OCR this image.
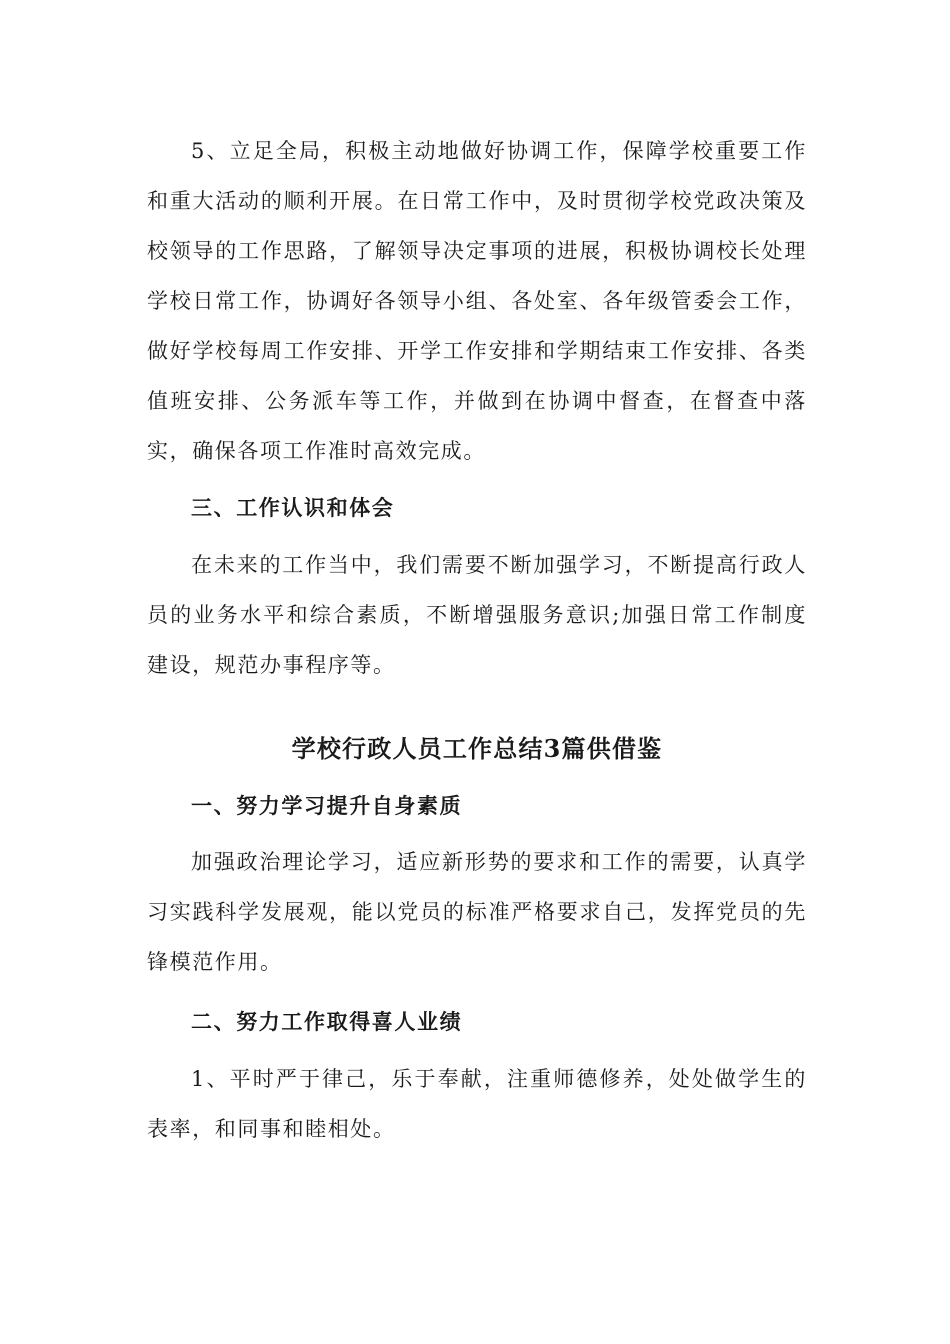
5、立足全局，积极主动地做好协调工作，保障学校重要工作和重大活动的顺利开展。在日常工作中，及时贯彻学校党政决策及校领导的工作思路，了解领导决定事项的进展，积极协调校长处理学校日常工作，协调好各领导小组、各处室、各年级管委会工作，做好学校每周工作安排、开学工作安排和学期结束工作安排、各类值班安排、公务派车等工作，并做到在协调中督查，在督查中落实，确保各项工作准时高效完成。

三、工作认识和体会

在未来的工作当中，我们需要不断加强学习，不断提高行政人员的业务水平和综合素质，不断增强服务意识;加强日常工作制度建设，规范办事程序等。

学校行政人员工作总结3篇供借鉴

一、努力学习提升自身素质

加强政治理论学习，适应新形势的要求和工作的需要，认真学习实践科学发展观，能以党员的标准严格要求自己，发挥党员的先锋模范作用。

二、努力工作取得喜人业绩

1、平时严于律己，乐于奉献，注重师德修养，处处做学生的表率，和同事和睦相处。
